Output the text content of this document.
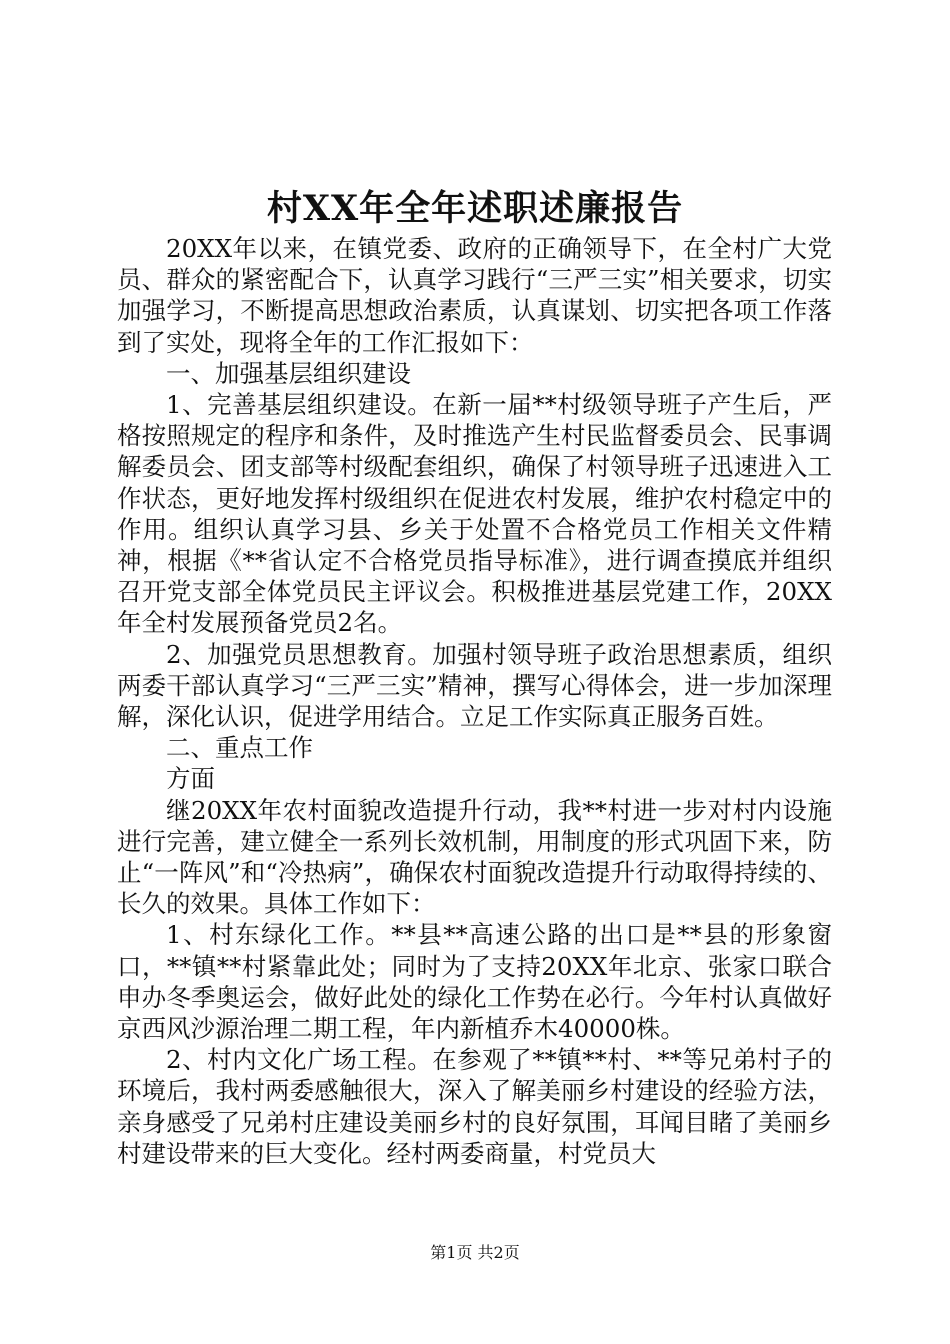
村XX年全年述职述廉报告

20XX年以来，在镇党委、政府的正确领导下，在全村广大党员、群众的紧密配合下，认真学习践行“三严三实”相关要求，切实加强学习，不断提高思想政治素质，认真谋划、切实把各项工作落到了实处，现将全年的工作汇报如下：

一、加强基层组织建设

1、完善基层组织建设。在新一届**村级领导班子产生后，严格按照规定的程序和条件，及时推选产生村民监督委员会、民事调解委员会、团支部等村级配套组织，确保了村领导班子迅速进入工作状态，更好地发挥村级组织在促进农村发展，维护农村稳定中的作用。组织认真学习县、乡关于处置不合格党员工作相关文件精神，根据《**省认定不合格党员指导标准》，进行调查摸底并组织召开党支部全体党员民主评议会。积极推进基层党建工作，20XX年全村发展预备党员2名。

2、加强党员思想教育。加强村领导班子政治思想素质，组织两委干部认真学习“三严三实”精神，撰写心得体会，进一步加深理解，深化认识，促进学用结合。立足工作实际真正服务百姓。

二、重点工作

方面

继20XX年农村面貌改造提升行动，我**村进一步对村内设施进行完善，建立健全一系列长效机制，用制度的形式巩固下来，防止“一阵风”和“冷热病”，确保农村面貌改造提升行动取得持续的、长久的效果。具体工作如下：

1、村东绿化工作。**县**高速公路的出口是**县的形象窗口，**镇**村紧靠此处；同时为了支持20XX年北京、张家口联合申办冬季奥运会，做好此处的绿化工作势在必行。今年村认真做好京西风沙源治理二期工程，年内新植乔木40000株。

2、村内文化广场工程。在参观了**镇**村、**等兄弟村子的环境后，我村两委感触很大，深入了解美丽乡村建设的经验方法，亲身感受了兄弟村庄建设美丽乡村的良好氛围，耳闻目睹了美丽乡村建设带来的巨大变化。经村两委商量，村党员大

第1页 共2页
